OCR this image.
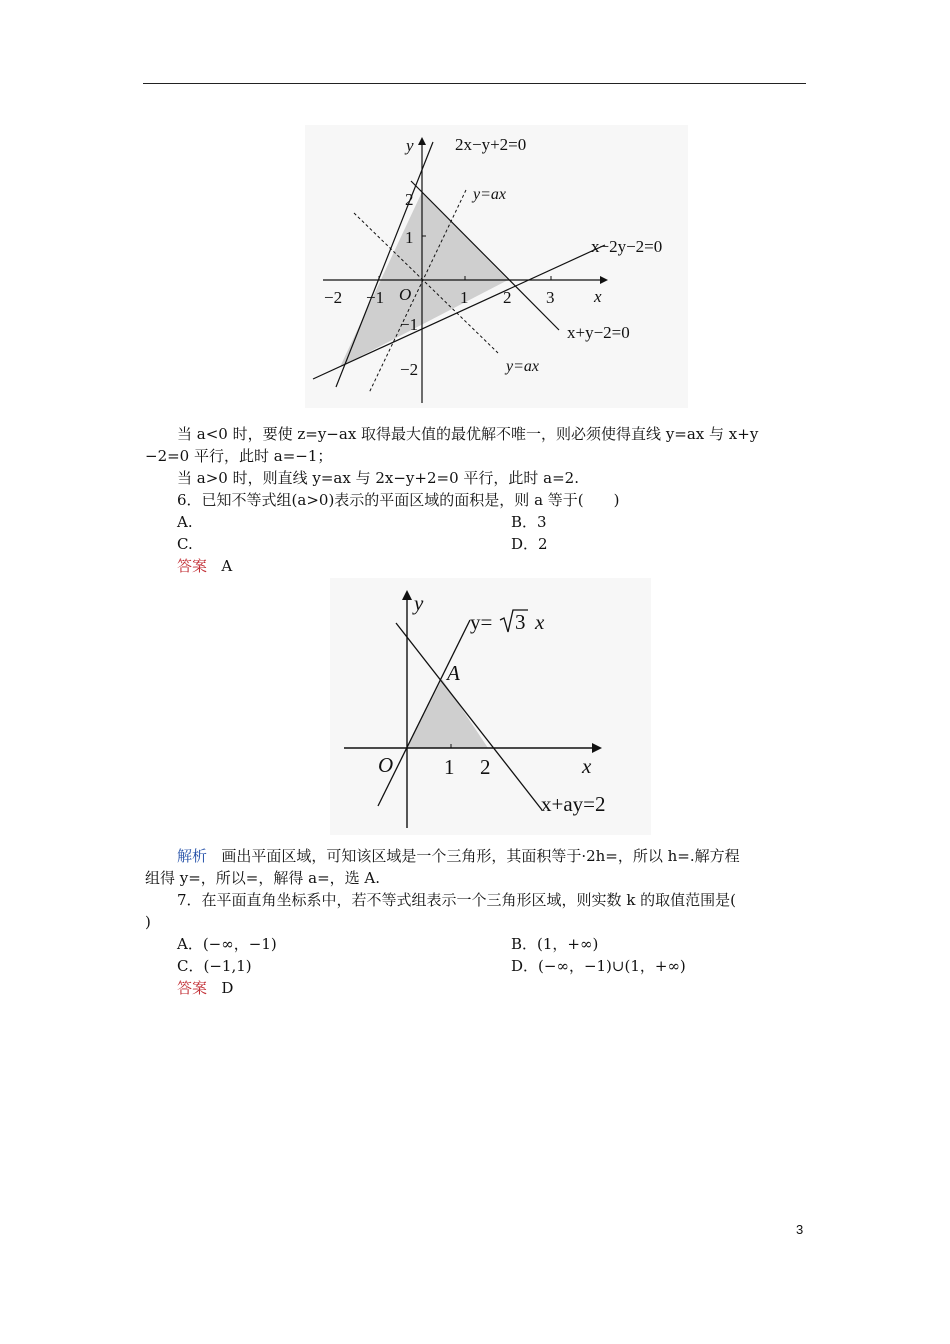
y
x
2x−y+2=0
x−2y−2=0
x+y−2=0
y=ax
y=ax
O
−2 −1	1 2 3
2
1
−1
−2
当 a<0 时，要使 z=y−ax 取得最大值的最优解不唯一，则必须使得直线 y=ax 与 x+y
−2=0 平行，此时 a=−1；
当 a>0 时，则直线 y=ax 与 2x−y+2=0 平行，此时 a=2.
6．已知不等式组(a>0)表示的平面区域的面积是，则 a 等于(　　)
A.	B．3
C.	D．2
答案 A
y
x
y= 3 x
A
O 1 2
x+ay=2
解析 画出平面区域，可知该区域是一个三角形，其面积等于·2h=，所以 h=.解方程
组得 y=，所以=，解得 a=，选 A.
7．在平面直角坐标系中，若不等式组表示一个三角形区域，则实数 k 的取值范围是(
)
A．(−∞，−1)	B．(1，+∞)
C．(−1,1)	D．(−∞，−1)∪(1，+∞)
答案 D
3
